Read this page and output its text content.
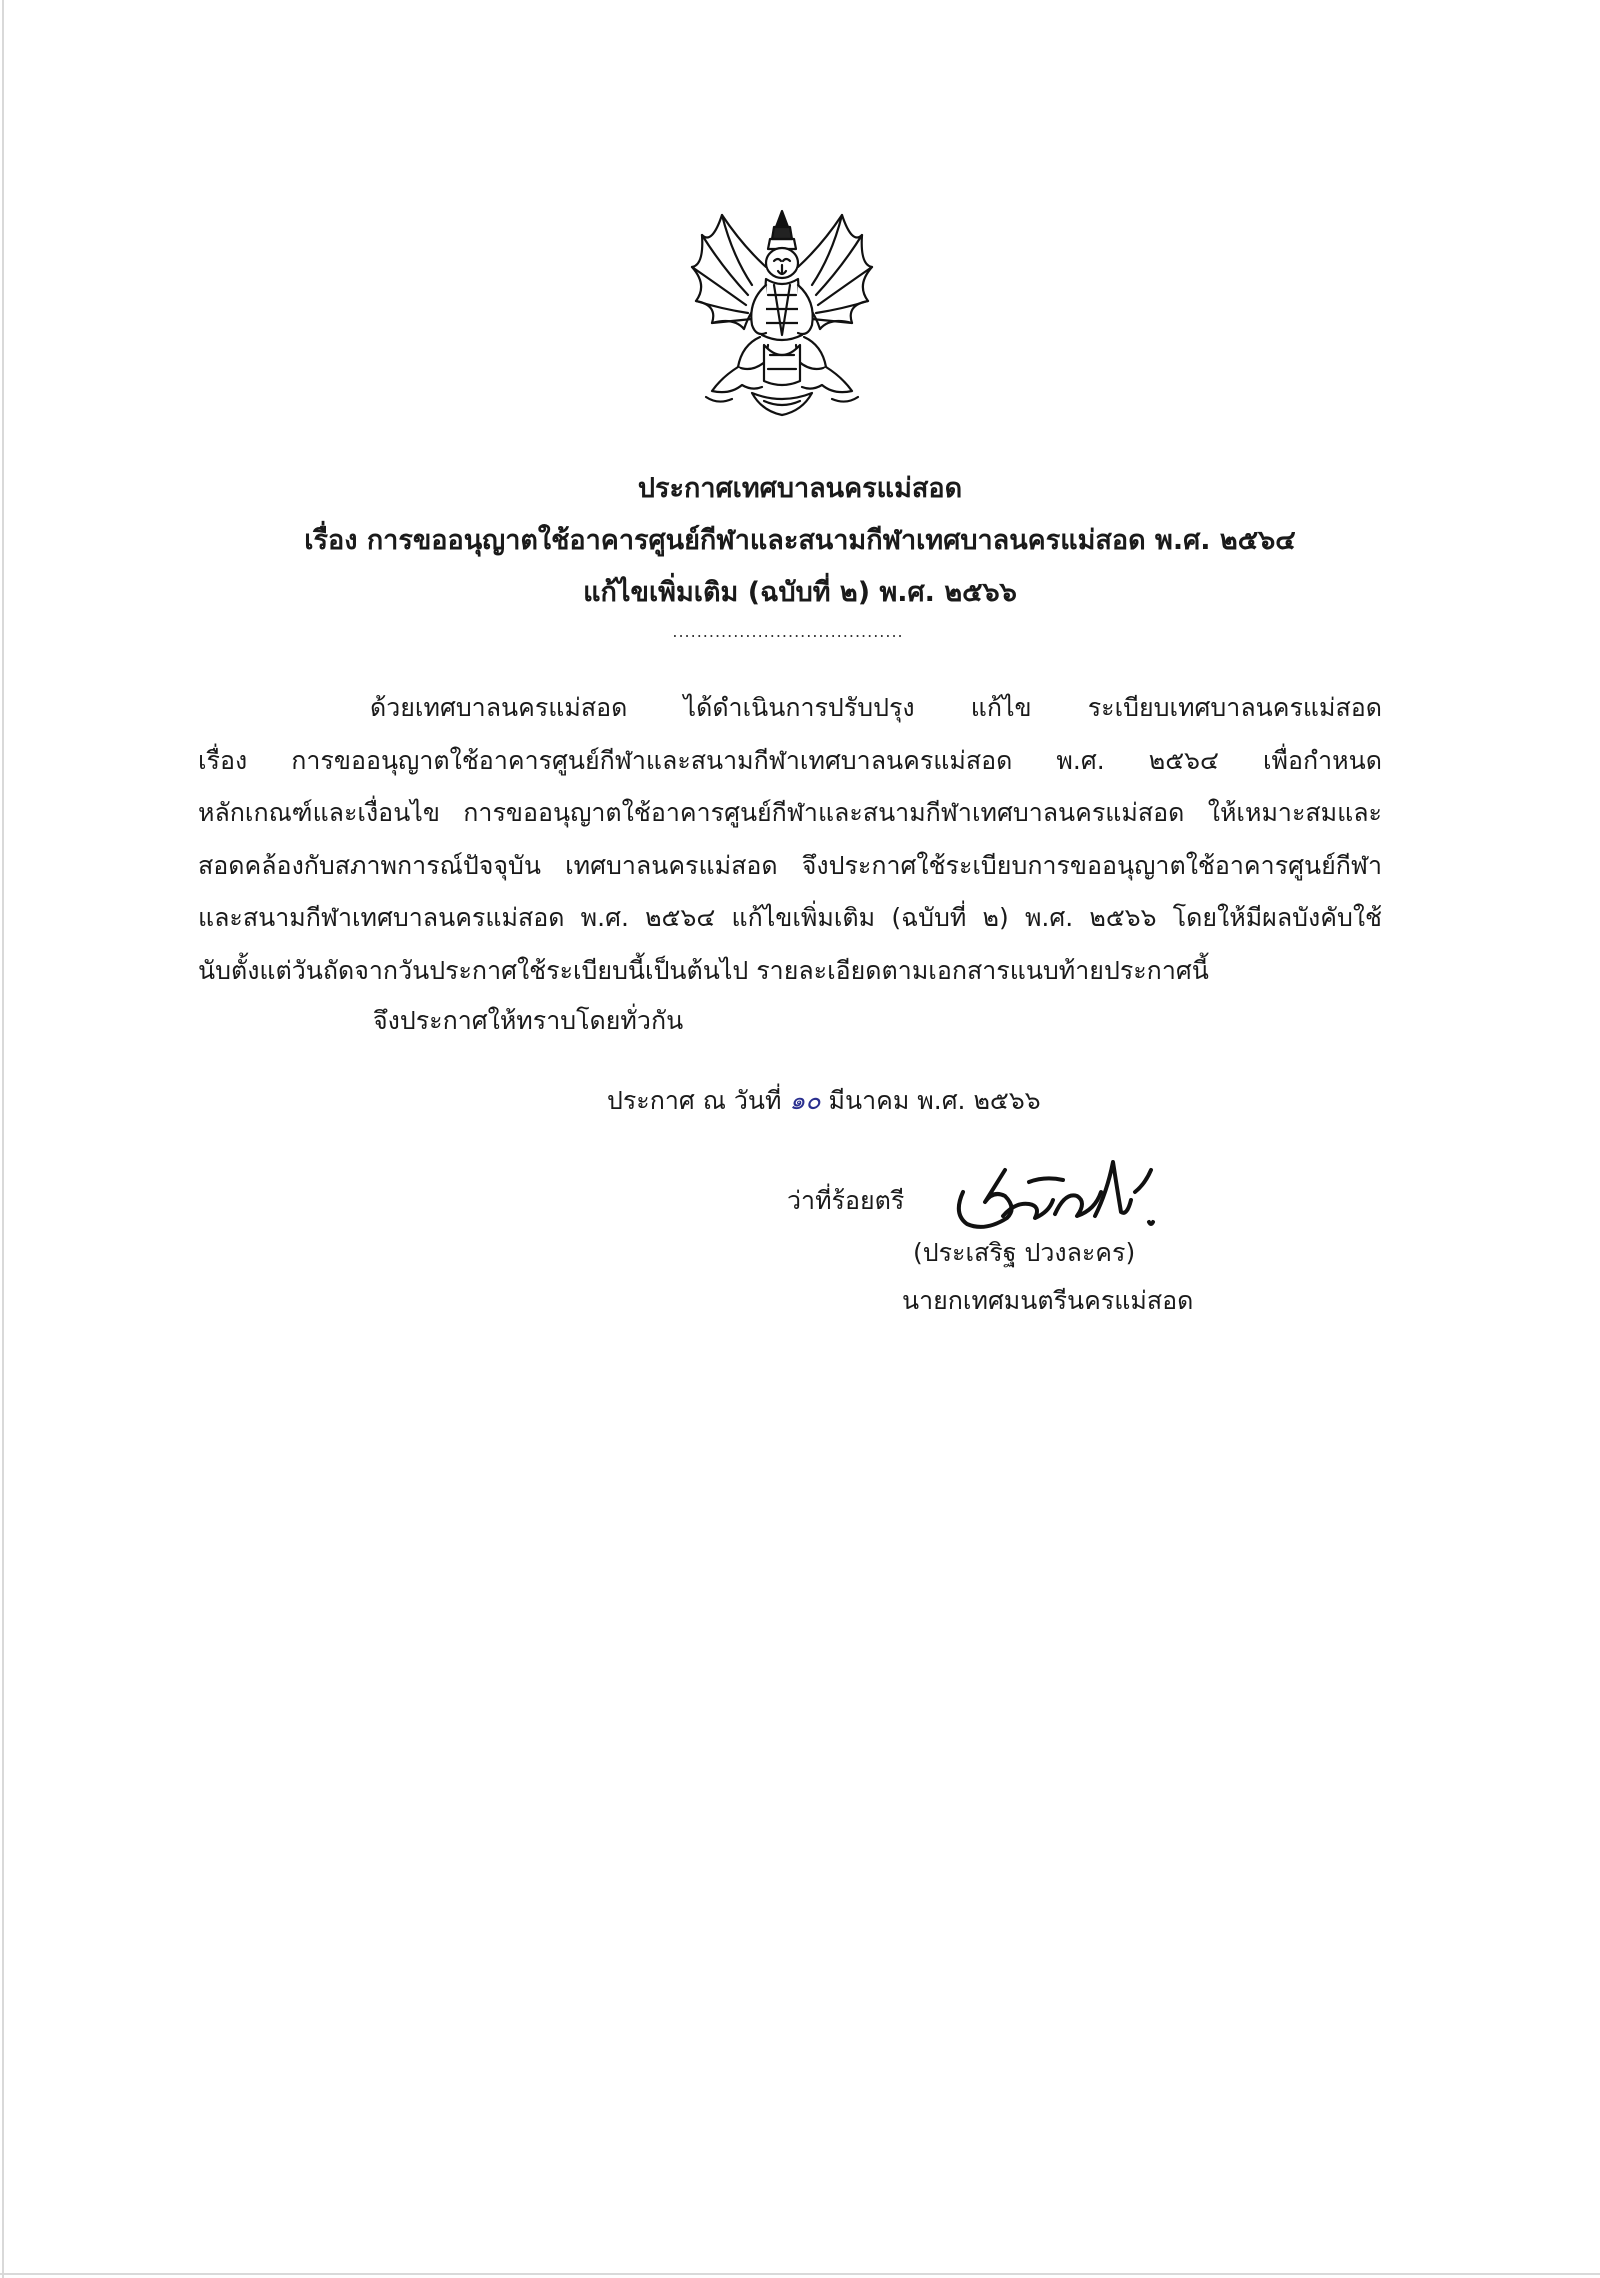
ประกาศเทศบาลนครแม่สอด
เรื่อง การขออนุญาตใช้อาคารศูนย์กีฬาและสนามกีฬาเทศบาลนครแม่สอด พ.ศ. ๒๕๖๔
แก้ไขเพิ่มเติม (ฉบับที่ ๒) พ.ศ. ๒๕๖๖
......................................
ด้วยเทศบาลนครแม่สอด ได้ดำเนินการปรับปรุง แก้ไข ระเบียบเทศบาลนครแม่สอด
เรื่อง การขออนุญาตใช้อาคารศูนย์กีฬาและสนามกีฬาเทศบาลนครแม่สอด พ.ศ. ๒๕๖๔ เพื่อกำหนด
หลักเกณฑ์และเงื่อนไข การขออนุญาตใช้อาคารศูนย์กีฬาและสนามกีฬาเทศบาลนครแม่สอด ให้เหมาะสมและ
สอดคล้องกับสภาพการณ์ปัจจุบัน เทศบาลนครแม่สอด จึงประกาศใช้ระเบียบการขออนุญาตใช้อาคารศูนย์กีฬา
และสนามกีฬาเทศบาลนครแม่สอด พ.ศ. ๒๕๖๔ แก้ไขเพิ่มเติม (ฉบับที่ ๒) พ.ศ. ๒๕๖๖ โดยให้มีผลบังคับใช้
นับตั้งแต่วันถัดจากวันประกาศใช้ระเบียบนี้เป็นต้นไป รายละเอียดตามเอกสารแนบท้ายประกาศนี้
จึงประกาศให้ทราบโดยทั่วกัน
ประกาศ ณ วันที่ ๑๐ มีนาคม พ.ศ. ๒๕๖๖
ว่าที่ร้อยตรี
(ประเสริฐ ปวงละคร)
นายกเทศมนตรีนครแม่สอด
